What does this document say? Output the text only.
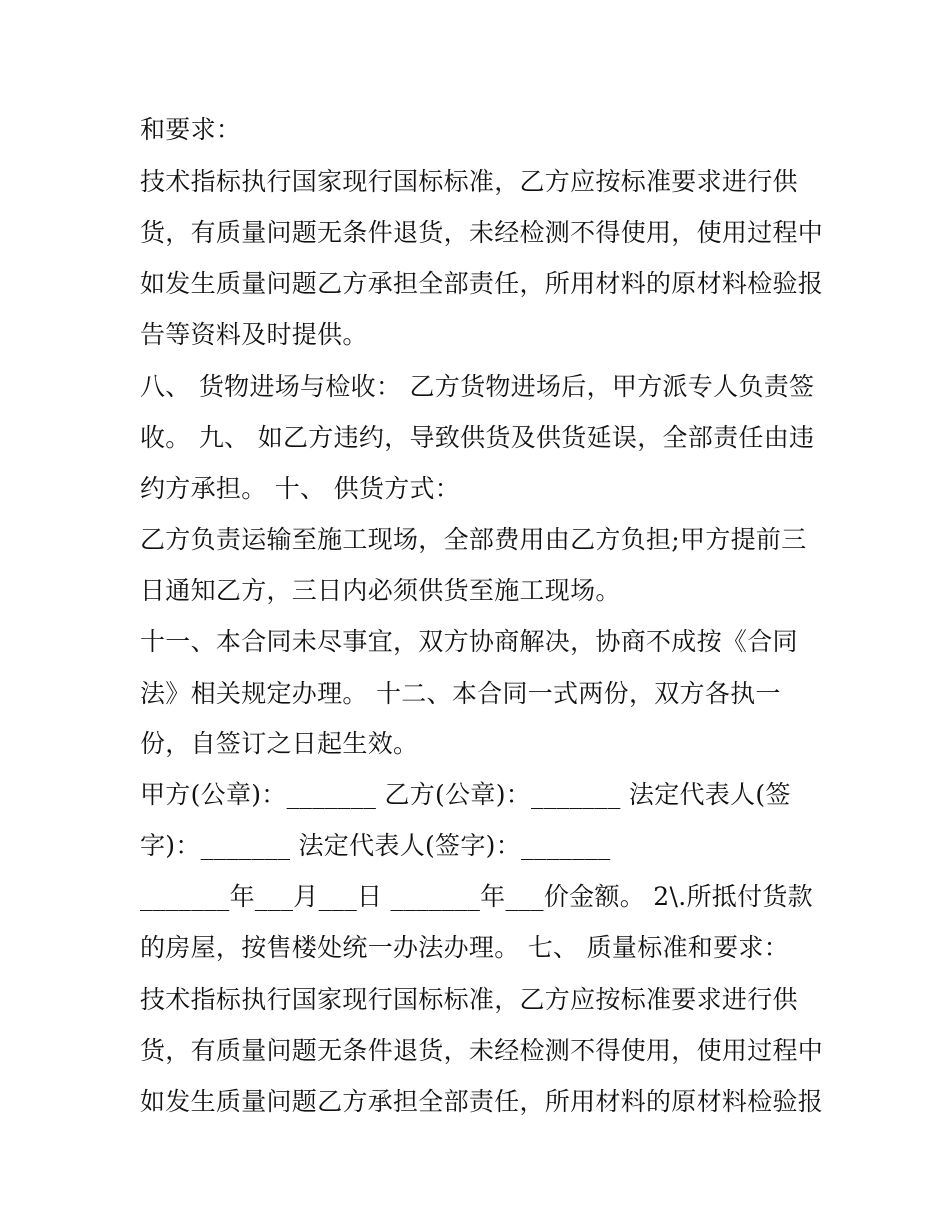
和要求：
技术指标执行国家现行国标标准，乙方应按标准要求进行供
货，有质量问题无条件退货，未经检测不得使用，使用过程中
如发生质量问题乙方承担全部责任，所用材料的原材料检验报
告等资料及时提供。
八、 货物进场与检收： 乙方货物进场后，甲方派专人负责签
收。 九、 如乙方违约，导致供货及供货延误，全部责任由违
约方承担。 十、 供货方式：
乙方负责运输至施工现场，全部费用由乙方负担;甲方提前三
日通知乙方，三日内必须供货至施工现场。
十一、本合同未尽事宜，双方协商解决，协商不成按《合同
法》相关规定办理。 十二、本合同一式两份，双方各执一
份，自签订之日起生效。
甲方(公章)：_______ 乙方(公章)：_______ 法定代表人(签
字)：_______ 法定代表人(签字)：_______
_______年___月___日 _______年___价金额。 2\.所抵付货款
的房屋，按售楼处统一办法办理。 七、 质量标准和要求：
技术指标执行国家现行国标标准，乙方应按标准要求进行供
货，有质量问题无条件退货，未经检测不得使用，使用过程中
如发生质量问题乙方承担全部责任，所用材料的原材料检验报
